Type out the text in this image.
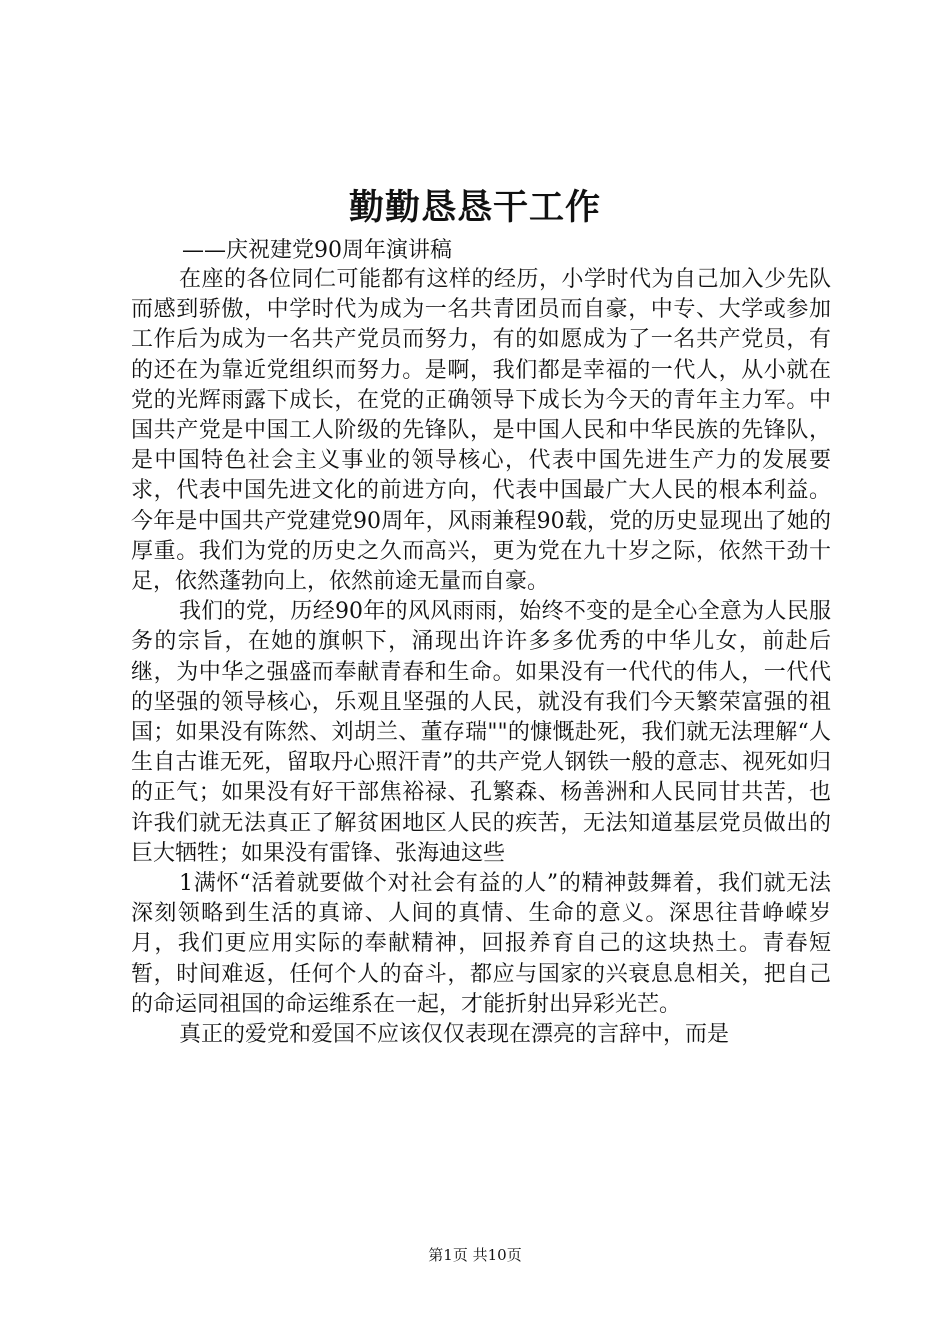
勤勤恳恳干工作
——庆祝建党90周年演讲稿

在座的各位同仁可能都有这样的经历，小学时代为自己加入少先队而感到骄傲，中学时代为成为一名共青团员而自豪，中专、大学或参加工作后为成为一名共产党员而努力，有的如愿成为了一名共产党员，有的还在为靠近党组织而努力。是啊，我们都是幸福的一代人，从小就在党的光辉雨露下成长，在党的正确领导下成长为今天的青年主力军。中国共产党是中国工人阶级的先锋队，是中国人民和中华民族的先锋队，是中国特色社会主义事业的领导核心，代表中国先进生产力的发展要求，代表中国先进文化的前进方向，代表中国最广大人民的根本利益。今年是中国共产党建党90周年，风雨兼程90载，党的历史显现出了她的厚重。我们为党的历史之久而高兴，更为党在九十岁之际，依然干劲十足，依然蓬勃向上，依然前途无量而自豪。

我们的党，历经90年的风风雨雨，始终不变的是全心全意为人民服务的宗旨，在她的旗帜下，涌现出许许多多优秀的中华儿女，前赴后继，为中华之强盛而奉献青春和生命。如果没有一代代的伟人，一代代的坚强的领导核心，乐观且坚强的人民，就没有我们今天繁荣富强的祖国；如果没有陈然、刘胡兰、董存瑞""的慷慨赴死，我们就无法理解“人生自古谁无死，留取丹心照汗青”的共产党人钢铁一般的意志、视死如归的正气；如果没有好干部焦裕禄、孔繁森、杨善洲和人民同甘共苦，也许我们就无法真正了解贫困地区人民的疾苦，无法知道基层党员做出的巨大牺牲；如果没有雷锋、张海迪这些

1满怀“活着就要做个对社会有益的人”的精神鼓舞着，我们就无法深刻领略到生活的真谛、人间的真情、生命的意义。深思往昔峥嵘岁月，我们更应用实际的奉献精神，回报养育自己的这块热土。青春短暂，时间难返，任何个人的奋斗，都应与国家的兴衰息息相关，把自己的命运同祖国的命运维系在一起，才能折射出异彩光芒。

真正的爱党和爱国不应该仅仅表现在漂亮的言辞中，而是

第1页 共10页
